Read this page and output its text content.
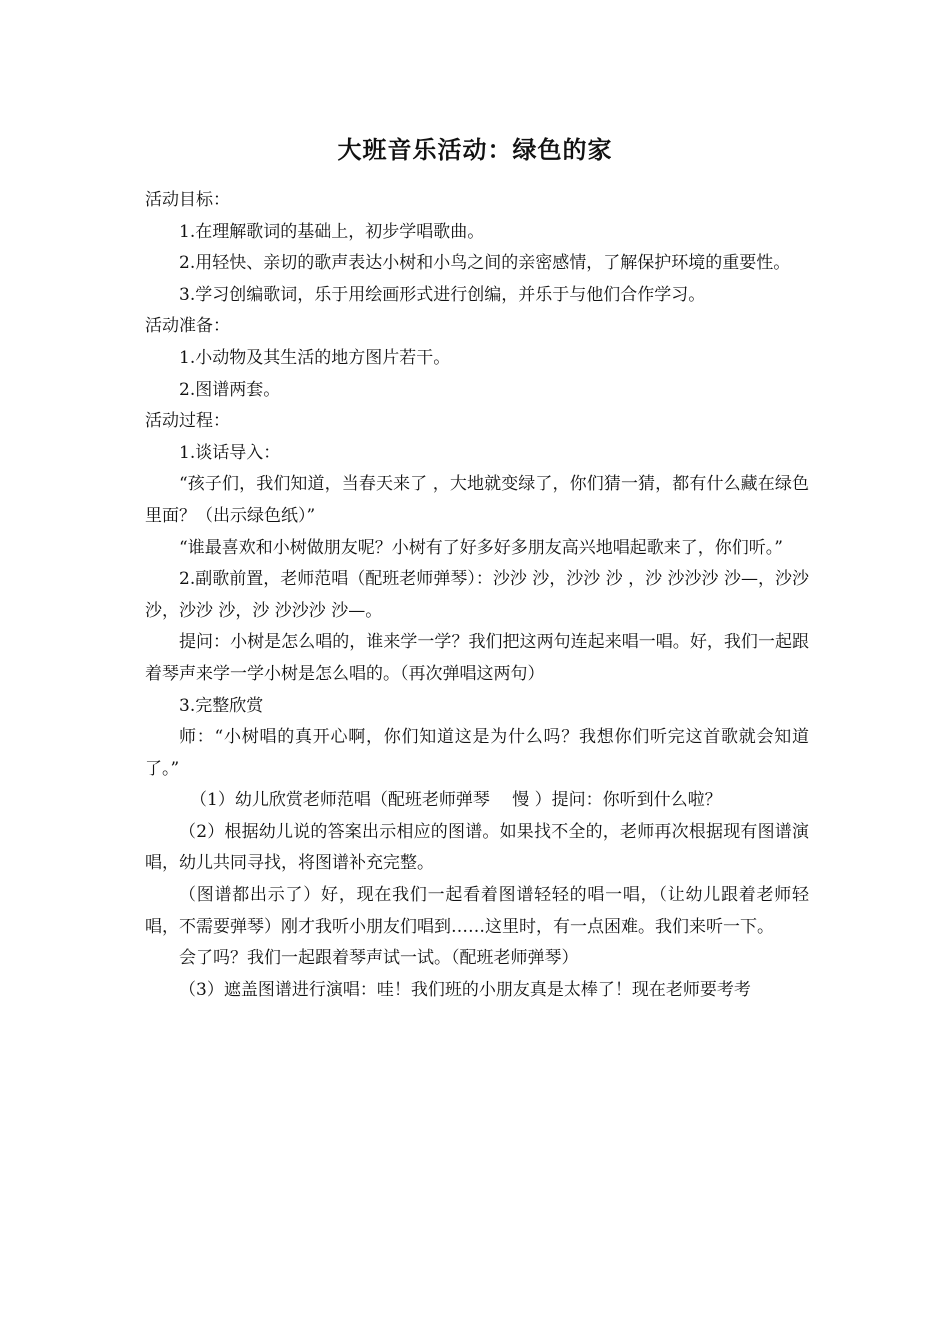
大班音乐活动：绿色的家

活动目标：

1.在理解歌词的基础上，初步学唱歌曲。

2.用轻快、亲切的歌声表达小树和小鸟之间的亲密感情，了解保护环境的重要性。

3.学习创编歌词，乐于用绘画形式进行创编，并乐于与他们合作学习。

活动准备：

1.小动物及其生活的地方图片若干。

2.图谱两套。

活动过程：

1.谈话导入：

“孩子们，我们知道，当春天来了 ，大地就变绿了，你们猜一猜，都有什么藏在绿色里面？（出示绿色纸）”

“谁最喜欢和小树做朋友呢？小树有了好多好多朋友高兴地唱起歌来了，你们听。”

2.副歌前置，老师范唱（配班老师弹琴）：沙沙 沙，沙沙 沙 ，沙 沙沙沙 沙—，沙沙 沙，沙沙 沙，沙 沙沙沙 沙—。

提问：小树是怎么唱的，谁来学一学？我们把这两句连起来唱一唱。好，我们一起跟着琴声来学一学小树是怎么唱的。（再次弹唱这两句）

3.完整欣赏

师：“小树唱的真开心啊，你们知道这是为什么吗？我想你们听完这首歌就会知道了。”

（1）幼儿欣赏老师范唱（配班老师弹琴　 慢 ）提问：你听到什么啦？

（2）根据幼儿说的答案出示相应的图谱。如果找不全的，老师再次根据现有图谱演唱，幼儿共同寻找，将图谱补充完整。

（图谱都出示了）好，现在我们一起看着图谱轻轻的唱一唱，（让幼儿跟着老师轻唱，不需要弹琴）刚才我听小朋友们唱到……这里时，有一点困难。我们来听一下。

会了吗？我们一起跟着琴声试一试。（配班老师弹琴）

（3）遮盖图谱进行演唱：哇！我们班的小朋友真是太棒了！现在老师要考考
